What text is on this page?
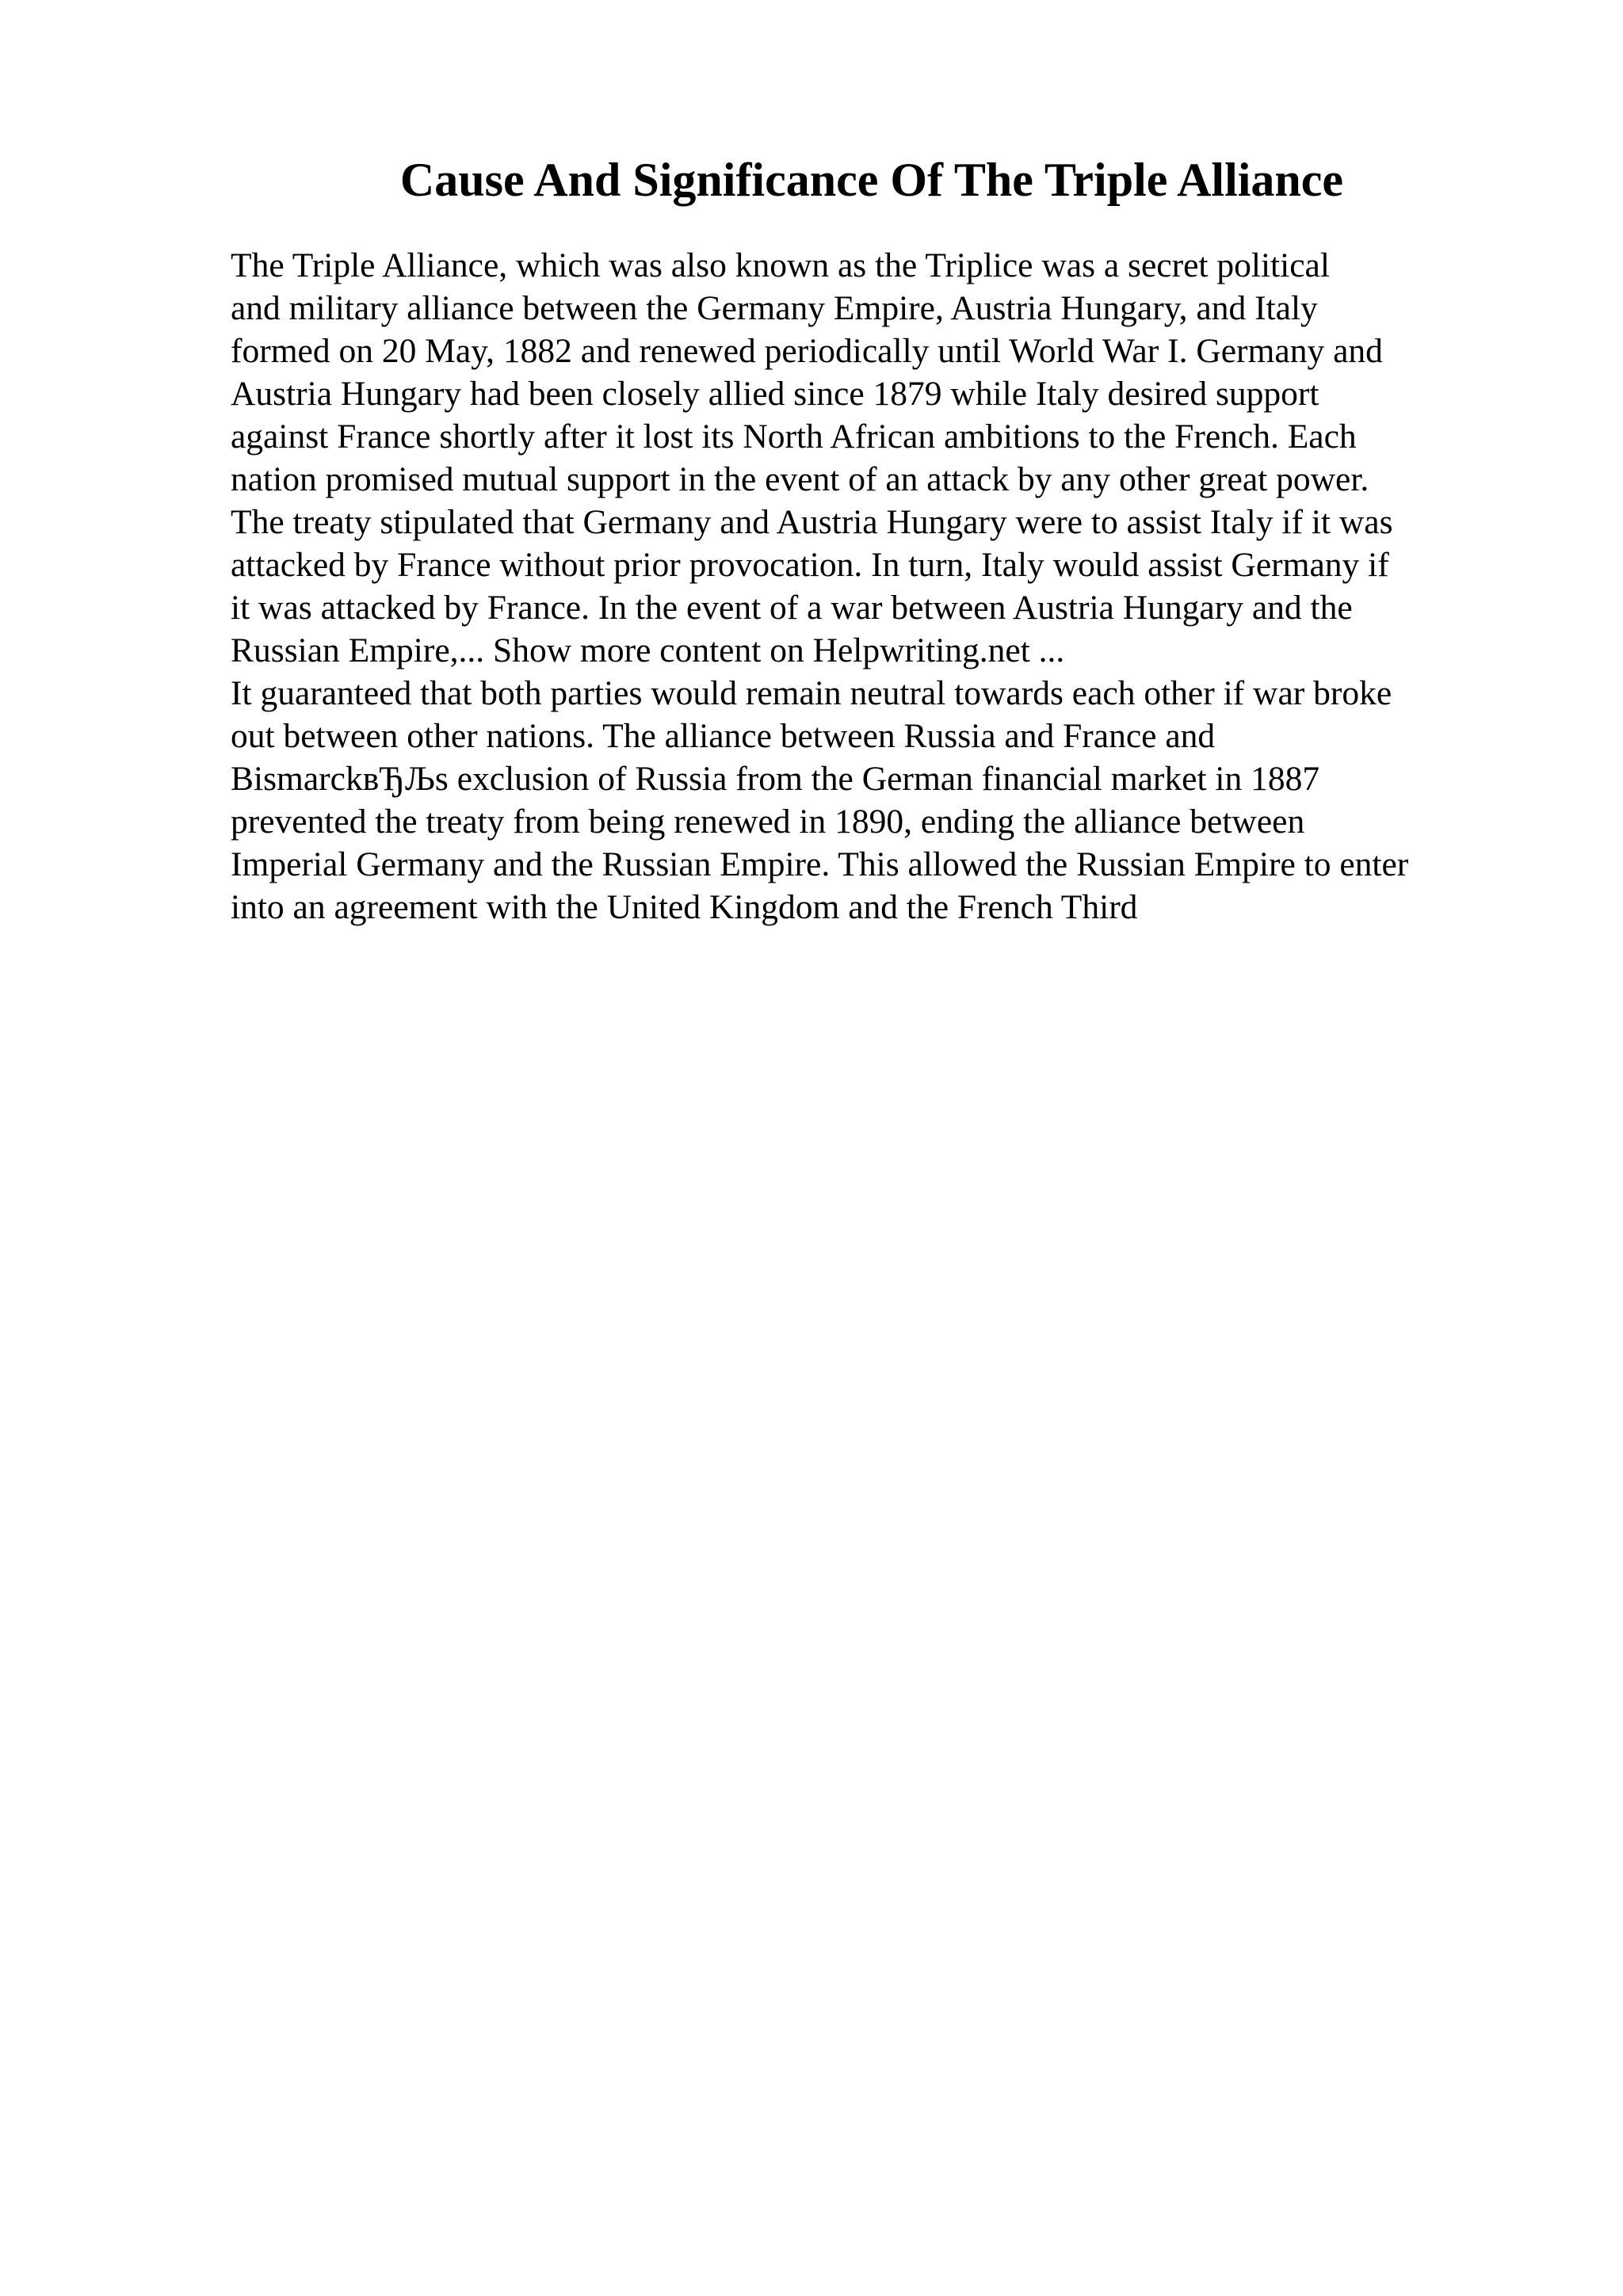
Cause And Significance Of The Triple Alliance
The Triple Alliance, which was also known as the Triplice was a secret political
and military alliance between the Germany Empire, Austria Hungary, and Italy
formed on 20 May, 1882 and renewed periodically until World War I. Germany and
Austria Hungary had been closely allied since 1879 while Italy desired support
against France shortly after it lost its North African ambitions to the French. Each
nation promised mutual support in the event of an attack by any other great power.
The treaty stipulated that Germany and Austria Hungary were to assist Italy if it was
attacked by France without prior provocation. In turn, Italy would assist Germany if
it was attacked by France. In the event of a war between Austria Hungary and the
Russian Empire,... Show more content on Helpwriting.net ...
It guaranteed that both parties would remain neutral towards each other if war broke
out between other nations. The alliance between Russia and France and
BismarckвЂЉs exclusion of Russia from the German financial market in 1887
prevented the treaty from being renewed in 1890, ending the alliance between
Imperial Germany and the Russian Empire. This allowed the Russian Empire to enter
into an agreement with the United Kingdom and the French Third
